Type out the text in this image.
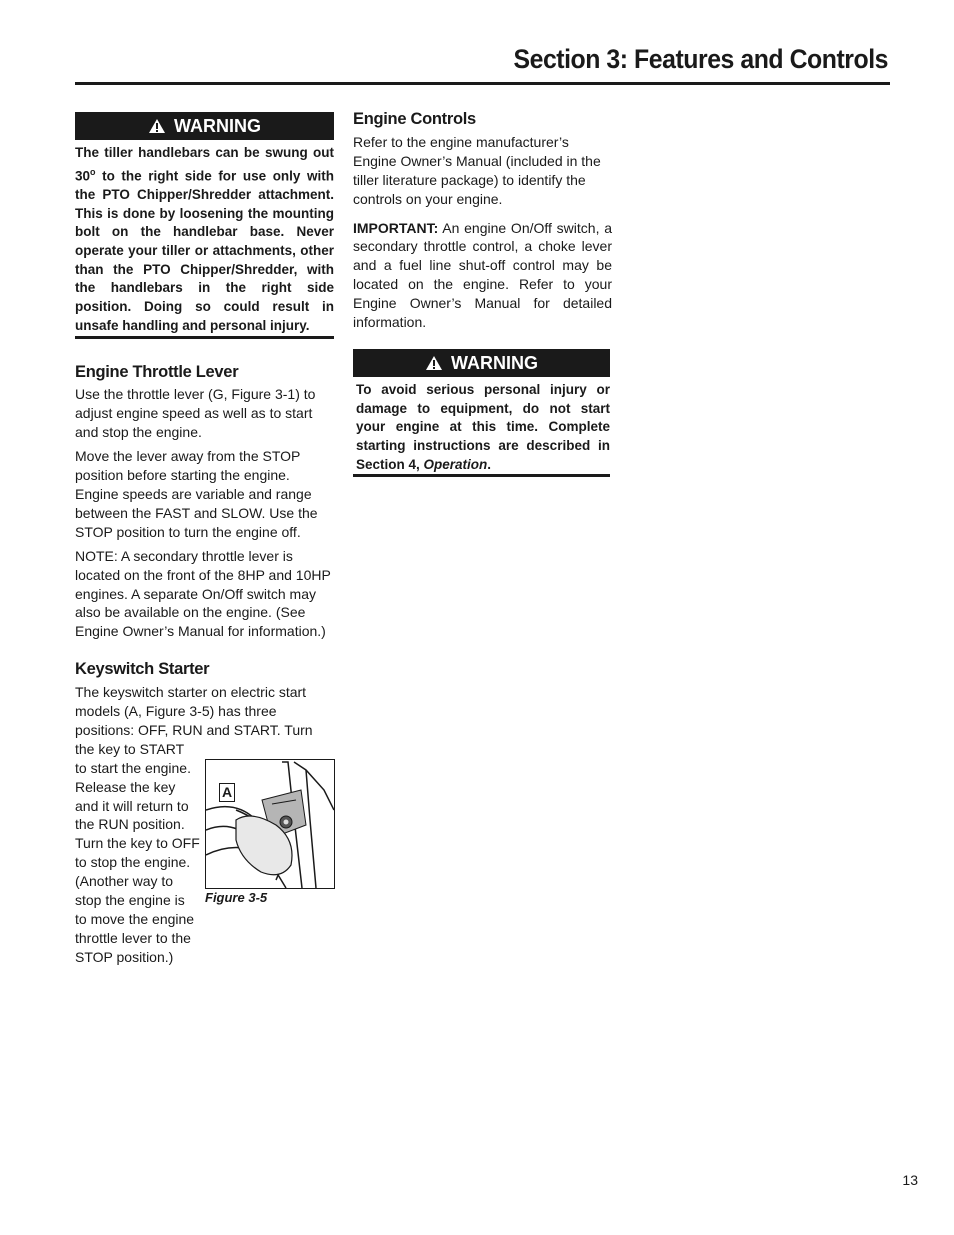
Section 3: Features and Controls
WARNING
The tiller handlebars can be swung out 30$^o$ to the right side for use only with the PTO Chipper/Shredder attachment. This is done by loosening the mounting bolt on the handlebar base. Never operate your tiller or attachments, other than the PTO Chipper/Shredder, with the handlebars in the right side position. Doing so could result in unsafe handling and personal injury.
Engine Throttle Lever

Use the throttle lever (G, Figure 3-1) to adjust engine speed as well as to start and stop the engine.

Move the lever away from the STOP position before starting the engine. Engine speeds are variable and range between the FAST and SLOW. Use the STOP position to turn the engine off.

NOTE: A secondary throttle lever is located on the front of the 8HP and 10HP engines. A separate On/Off switch may also be available on the engine. (See Engine Owner’s Manual for information.)

Keyswitch Starter

The keyswitch starter on electric start models (A, Figure 3-5) has three positions: OFF, RUN and START. Turn the key to START

to start the engine. Release the key and it will return to the RUN position. Turn the key to OFF to stop the engine. (Another way to stop the engine is to move the engine throttle lever to the STOP position.)

A
Figure 3-5
Engine Controls

Refer to the engine manufacturer’s Engine Owner’s Manual (included in the tiller literature package) to identify the controls on your engine.

IMPORTANT: An engine On/Off switch, a secondary throttle control, a choke lever and a fuel line shut-off control may be located on the engine. Refer to your Engine Owner’s Manual for detailed information.

WARNING
To avoid serious personal injury or damage to equipment, do not start your engine at this time. Complete starting instructions are described in Section 4, Operation.
13
